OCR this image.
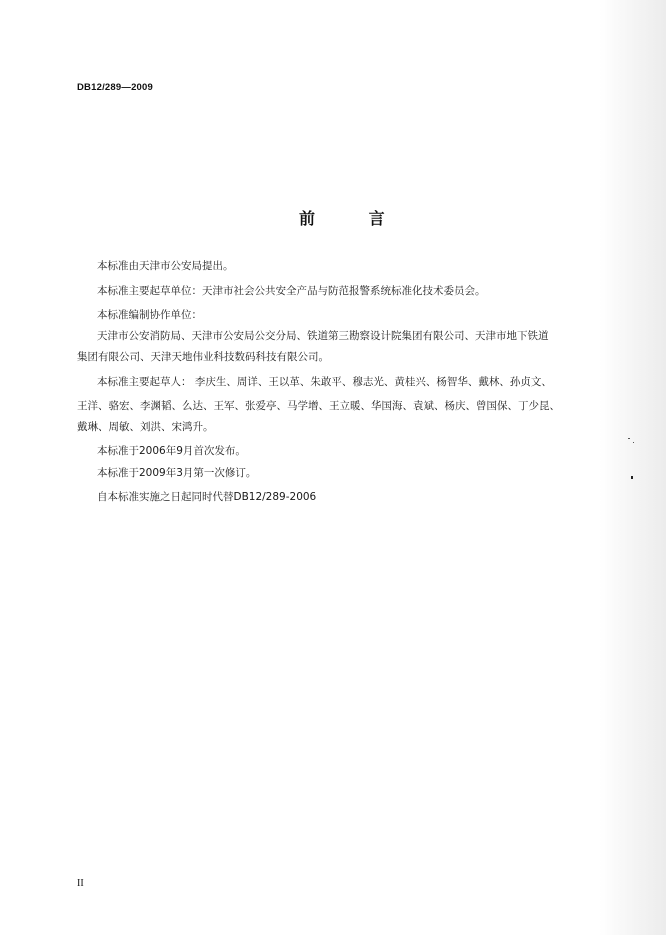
DB12/289—2009
前 言
本标准由天津市公安局提出。
本标准主要起草单位：天津市社会公共安全产品与防范报警系统标准化技术委员会。
本标准编制协作单位：
天津市公安消防局、天津市公安局公交分局、铁道第三勘察设计院集团有限公司、天津市地下铁道
集团有限公司、天津天地伟业科技数码科技有限公司。
本标准主要起草人： 李庆生、周详、王以革、朱敢平、穆志光、黄桂兴、杨智华、戴林、孙贞文、
王洋、骆宏、李渊韬、么达、王军、张爱亭、马学增、王立暖、华国海、袁斌、杨庆、曾国保、丁少昆、
戴琳、周敏、刘洪、宋鸿升。
本标准于2006年9月首次发布。
本标准于2009年3月第一次修订。
自本标准实施之日起同时代替DB12/289-2006
II
